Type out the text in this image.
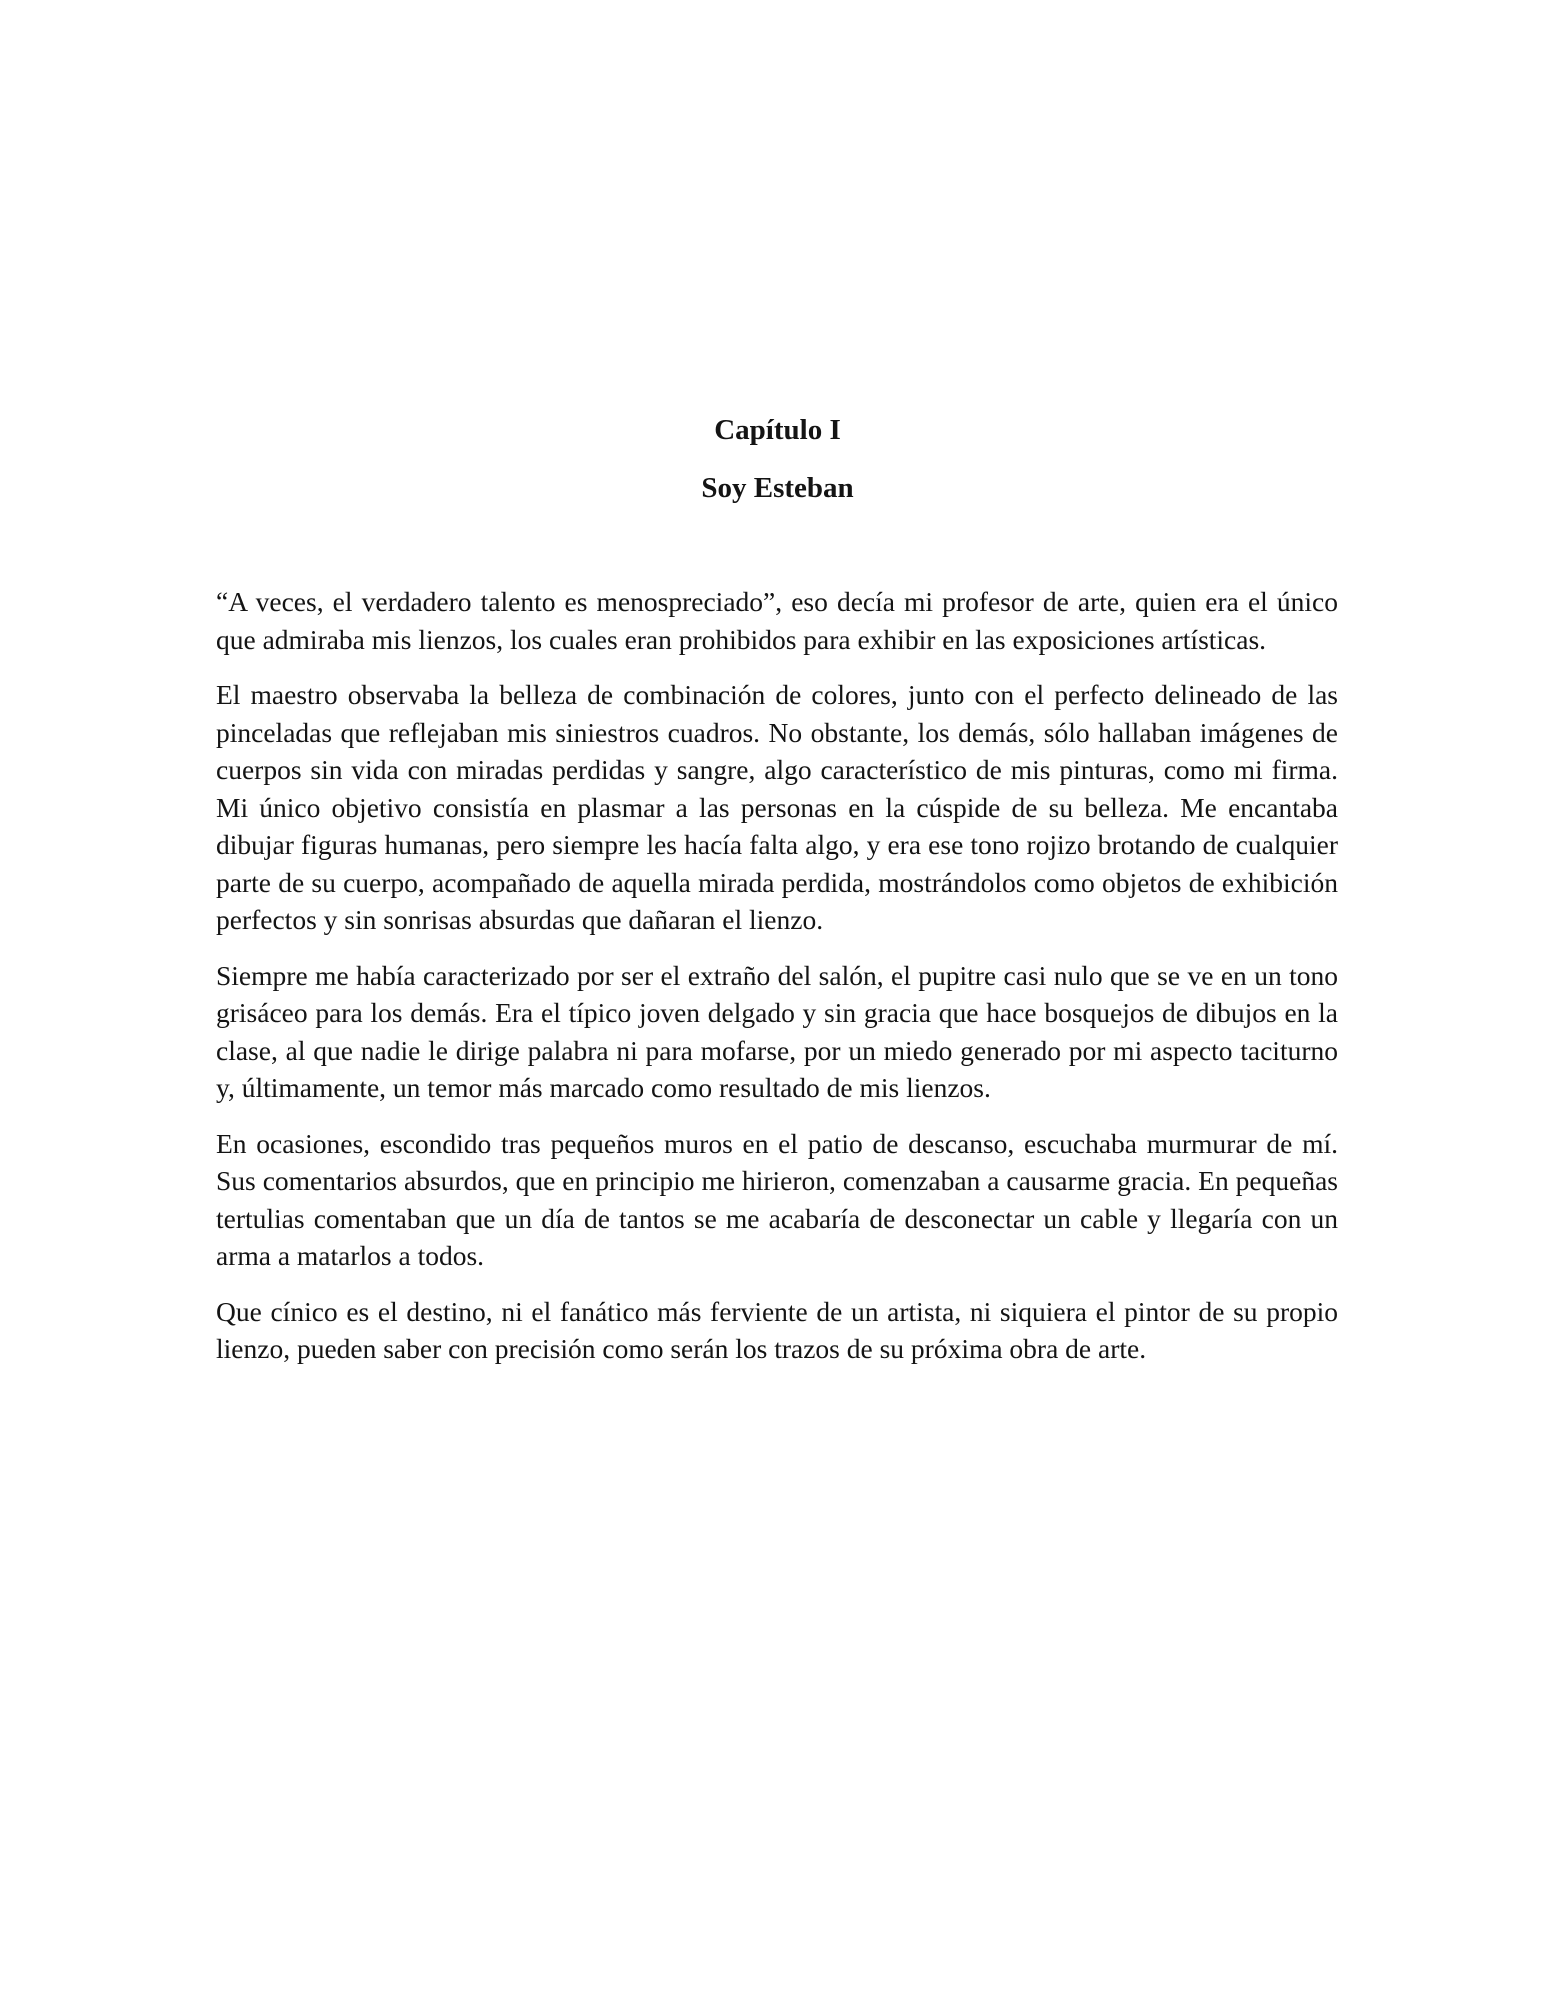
Capítulo I
Soy Esteban

“A veces, el verdadero talento es menospreciado”, eso decía mi profesor de arte, quien era el único que admiraba mis lienzos, los cuales eran prohibidos para exhibir en las exposiciones artísticas.

El maestro observaba la belleza de combinación de colores, junto con el perfecto delineado de las pinceladas que reflejaban mis siniestros cuadros. No obstante, los demás, sólo hallaban imágenes de cuerpos sin vida con miradas perdidas y sangre, algo característico de mis pinturas, como mi firma. Mi único objetivo consistía en plasmar a las personas en la cúspide de su belleza. Me encantaba dibujar figuras humanas, pero siempre les hacía falta algo, y era ese tono rojizo brotando de cualquier parte de su cuerpo, acompañado de aquella mirada perdida, mostrándolos como objetos de exhibición perfectos y sin sonrisas absurdas que dañaran el lienzo.

Siempre me había caracterizado por ser el extraño del salón, el pupitre casi nulo que se ve en un tono grisáceo para los demás. Era el típico joven delgado y sin gracia que hace bosquejos de dibujos en la clase, al que nadie le dirige palabra ni para mofarse, por un miedo generado por mi aspecto taciturno y, últimamente, un temor más marcado como resultado de mis lienzos.

En ocasiones, escondido tras pequeños muros en el patio de descanso, escuchaba murmurar de mí. Sus comentarios absurdos, que en principio me hirieron, comenzaban a causarme gracia. En pequeñas tertulias comentaban que un día de tantos se me acabaría de desconectar un cable y llegaría con un arma a matarlos a todos.

Que cínico es el destino, ni el fanático más ferviente de un artista, ni siquiera el pintor de su propio lienzo, pueden saber con precisión como serán los trazos de su próxima obra de arte.
